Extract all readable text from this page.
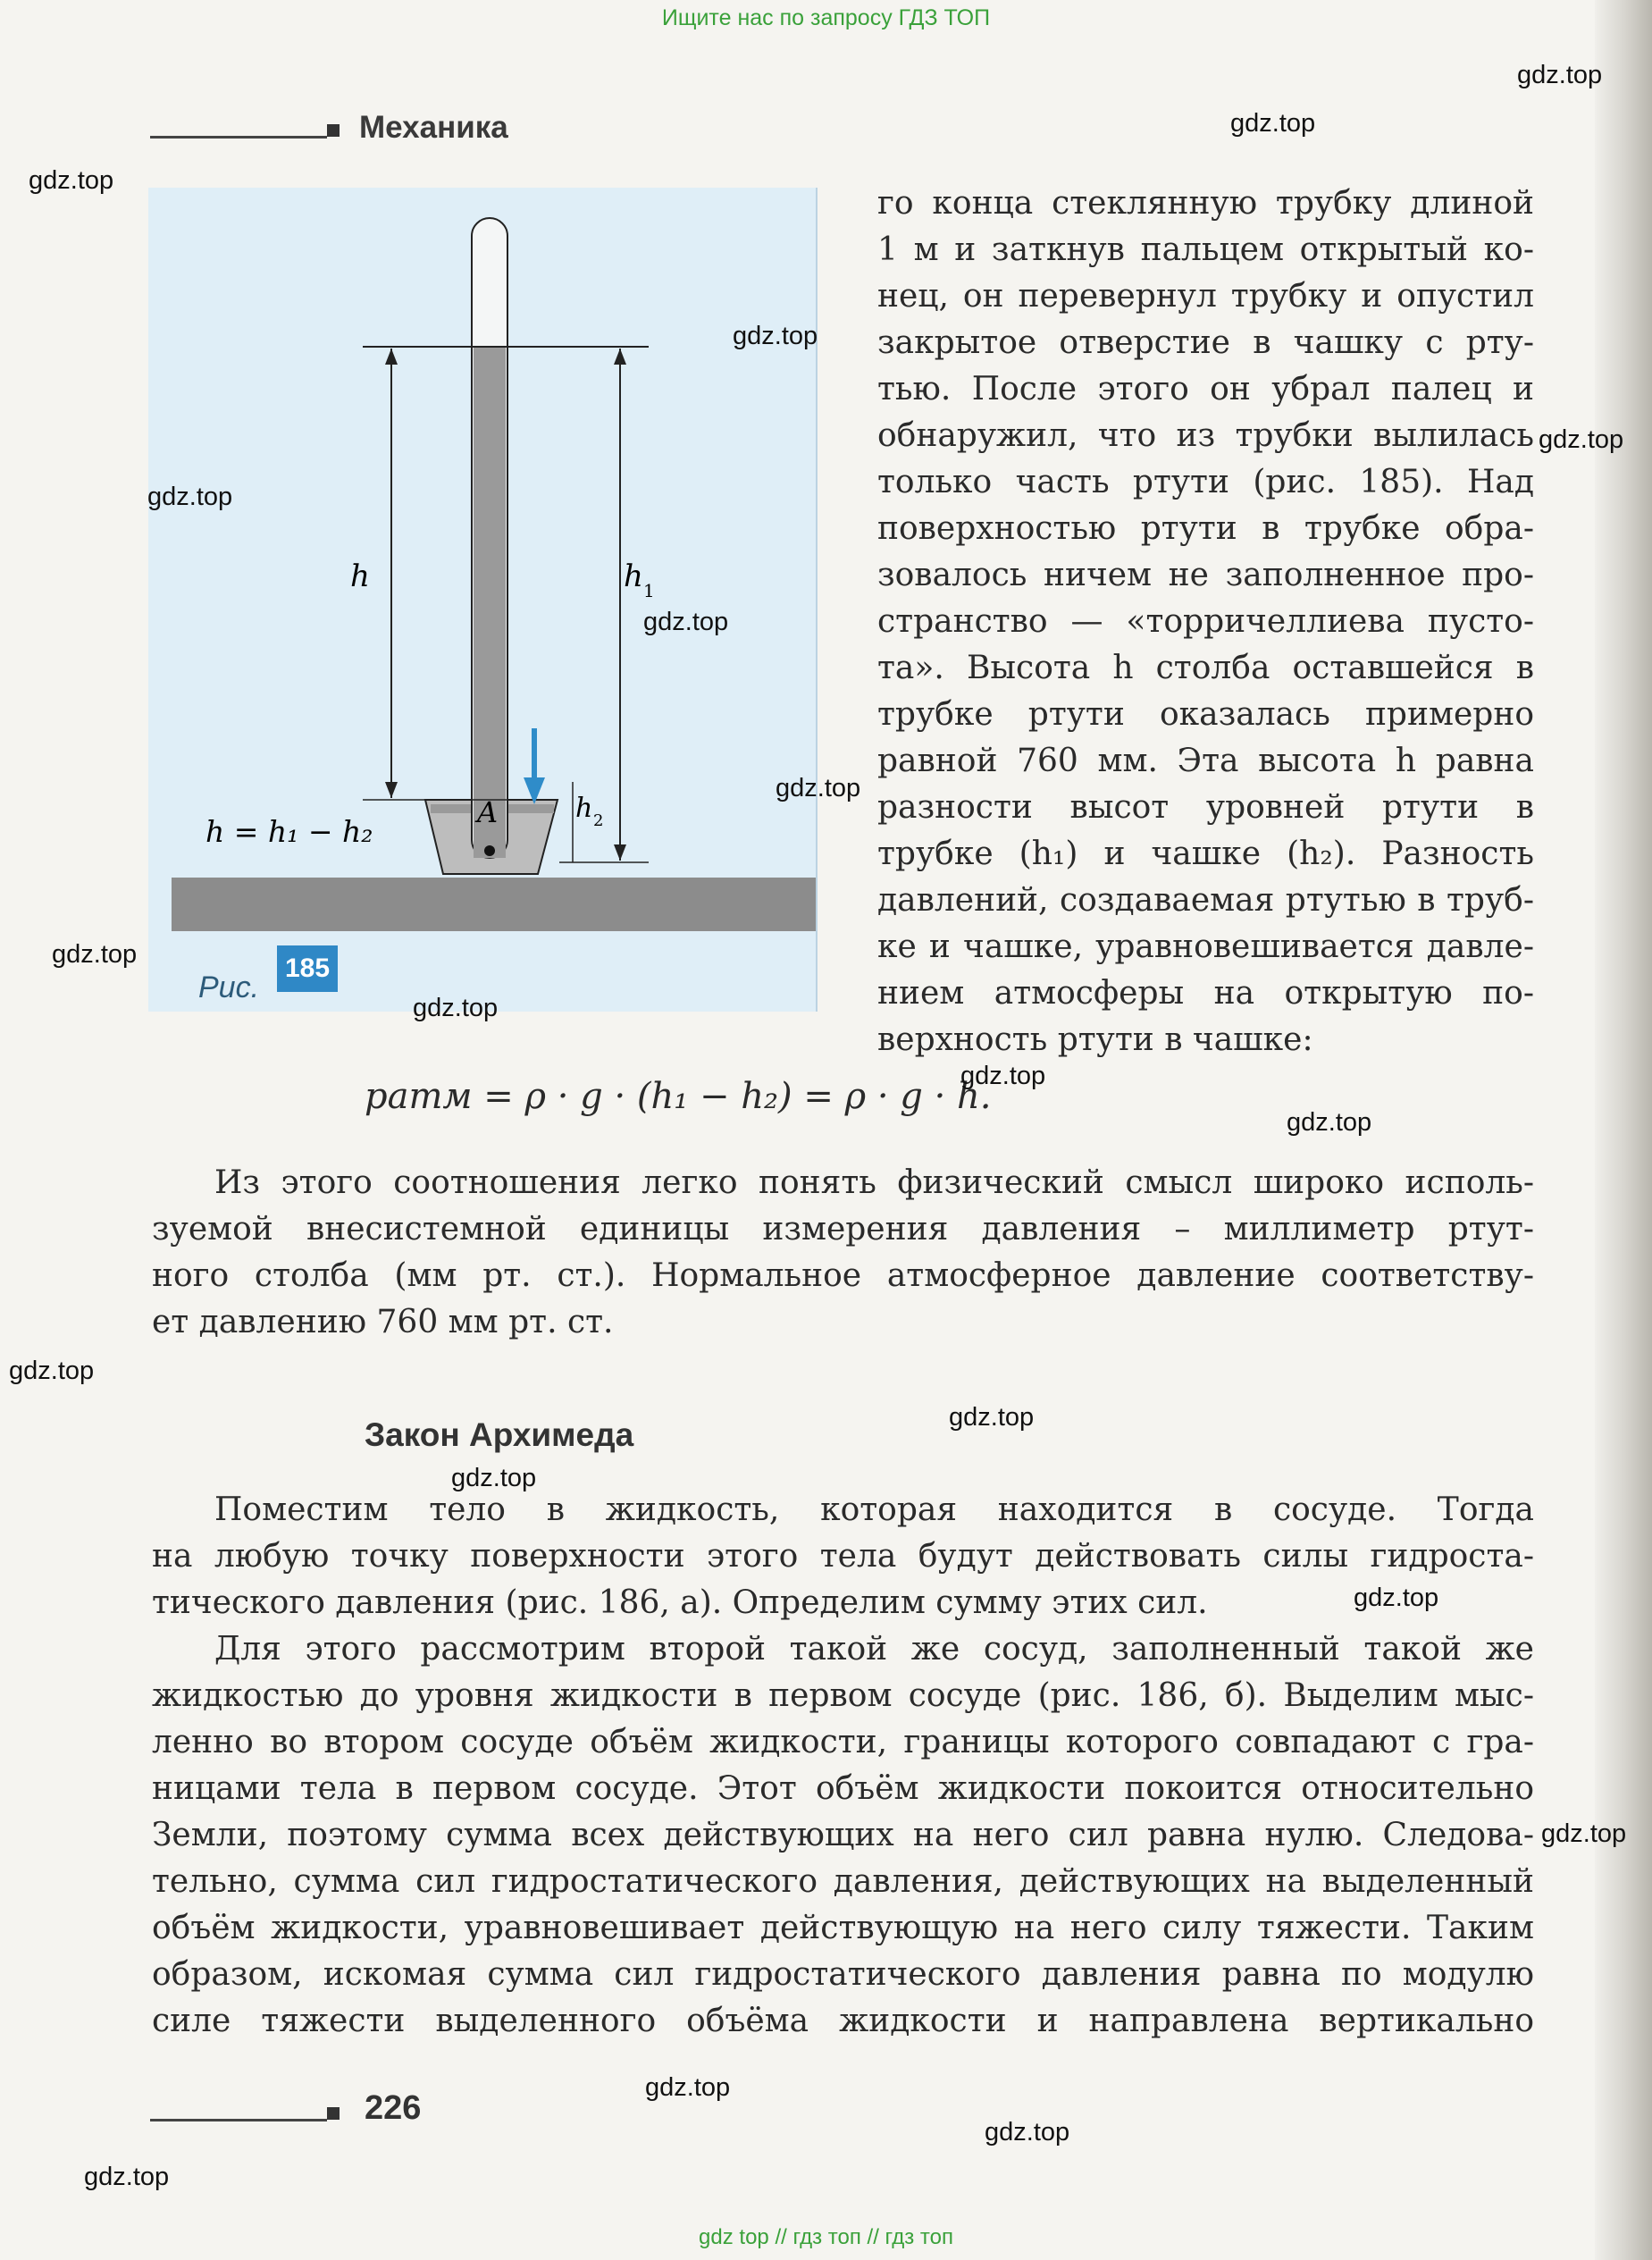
Ищите нас по запросу ГДЗ ТОП
Механика
A
h	h 1
h 2
h = h₁ − h₂
Рис.
185
го конца стеклянную трубку длиной
1 м и заткнув пальцем открытый ко-
нец, он перевернул трубку и опустил
закрытое отверстие в чашку с рту-
тью. После этого он убрал палец и
обнаружил, что из трубки вылилась
только часть ртути (рис. 185). Над
поверхностью ртути в трубке обра-
зовалось ничем не заполненное про-
странство — «торричеллиева пусто-
та». Высота h столба оставшейся в
трубке ртути оказалась примерно
равной 760 мм. Эта высота h равна
разности высот уровней ртути в
трубке (h₁) и чашке (h₂). Разность
давлений, создаваемая ртутью в труб-
ке и чашке, уравновешивается давле-
нием атмосферы на открытую по-
верхность ртути в чашке:
pатм = ρ · g · (h₁ − h₂) = ρ · g · h.
Из этого соотношения легко понять физический смысл широко исполь-
зуемой внесистемной единицы измерения давления – миллиметр ртут-
ного столба (мм рт. ст.). Нормальное атмосферное давление соответству-
ет давлению 760 мм рт. ст.
Закон Архимеда
Поместим тело в жидкость, которая находится в сосуде. Тогда
на любую точку поверхности этого тела будут действовать силы гидроста-
тического давления (рис. 186, а). Определим сумму этих сил.
Для этого рассмотрим второй такой же сосуд, заполненный такой же
жидкостью до уровня жидкости в первом сосуде (рис. 186, б). Выделим мыс-
ленно во втором сосуде объём жидкости, границы которого совпадают с гра-
ницами тела в первом сосуде. Этот объём жидкости покоится относительно
Земли, поэтому сумма всех действующих на него сил равна нулю. Следова-
тельно, сумма сил гидростатического давления, действующих на выделенный
объём жидкости, уравновешивает действующую на него силу тяжести. Таким
образом, искомая сумма сил гидростатического давления равна по модулю
силе тяжести выделенного объёма жидкости и направлена вертикально
226
gdz.top
gdz.top
gdz.top
gdz.top
gdz.top
gdz.top
gdz.top
gdz.top
gdz.top
gdz.top
gdz.top
gdz.top
gdz.top
gdz.top
gdz.top
gdz.top
gdz.top
gdz.top
gdz.top
gdz.top
gdz top // гдз топ // гдз топ
